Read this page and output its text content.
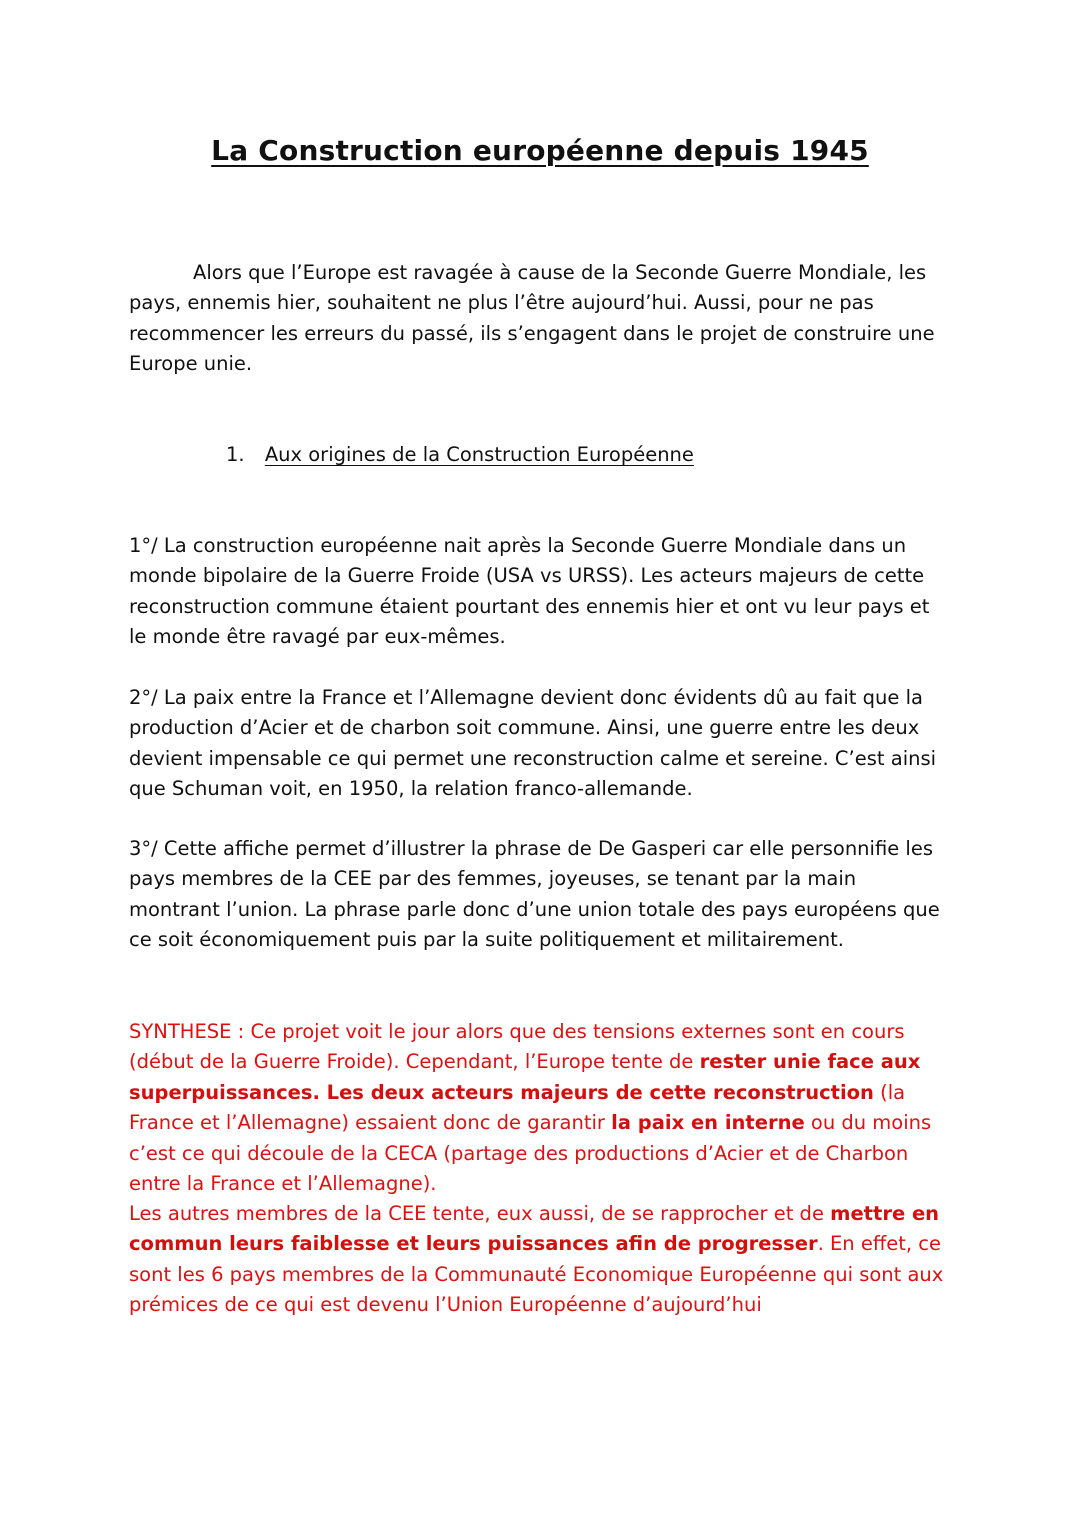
La Construction européenne depuis 1945

Alors que l’Europe est ravagée à cause de la Seconde Guerre Mondiale, les pays, ennemis hier, souhaitent ne plus l’être aujourd’hui. Aussi, pour ne pas recommencer les erreurs du passé, ils s’engagent dans le projet de construire une Europe unie.

1. Aux origines de la Construction Européenne

1°/ La construction européenne nait après la Seconde Guerre Mondiale dans un monde bipolaire de la Guerre Froide (USA vs URSS). Les acteurs majeurs de cette reconstruction commune étaient pourtant des ennemis hier et ont vu leur pays et le monde être ravagé par eux-mêmes.

2°/ La paix entre la France et l’Allemagne devient donc évidents dû au fait que la production d’Acier et de charbon soit commune. Ainsi, une guerre entre les deux devient impensable ce qui permet une reconstruction calme et sereine. C’est ainsi que Schuman voit, en 1950, la relation franco-allemande.

3°/ Cette affiche permet d’illustrer la phrase de De Gasperi car elle personnifie les pays membres de la CEE par des femmes, joyeuses, se tenant par la main montrant l’union. La phrase parle donc d’une union totale des pays européens que ce soit économiquement puis par la suite politiquement et militairement.

SYNTHESE : Ce projet voit le jour alors que des tensions externes sont en cours (début de la Guerre Froide). Cependant, l’Europe tente de rester unie face aux superpuissances. Les deux acteurs majeurs de cette reconstruction (la France et l’Allemagne) essaient donc de garantir la paix en interne ou du moins c’est ce qui découle de la CECA (partage des productions d’Acier et de Charbon entre la France et l’Allemagne).

Les autres membres de la CEE tente, eux aussi, de se rapprocher et de mettre en commun leurs faiblesse et leurs puissances afin de progresser. En effet, ce sont les 6 pays membres de la Communauté Economique Européenne qui sont aux prémices de ce qui est devenu l’Union Européenne d’aujourd’hui
